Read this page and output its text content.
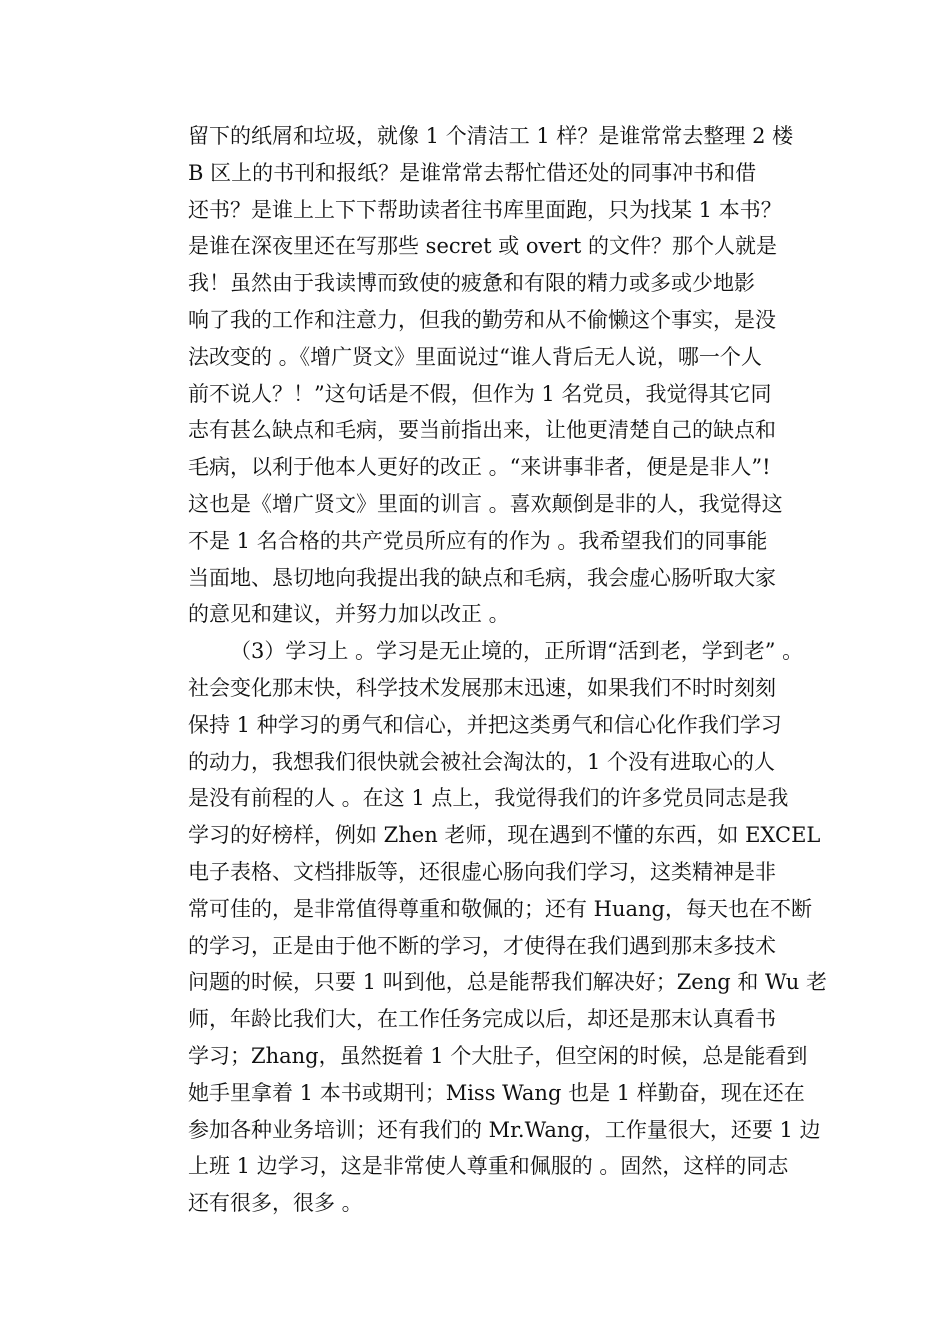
留下的纸屑和垃圾，就像 1 个清洁工 1 样？是谁常常去整理 2 楼
B 区上的书刊和报纸？是谁常常去帮忙借还处的同事冲书和借
还书？是谁上上下下帮助读者往书库里面跑，只为找某 1 本书？
是谁在深夜里还在写那些 secret 或 overt 的文件？那个人就是
我！虽然由于我读博而致使的疲惫和有限的精力或多或少地影
响了我的工作和注意力，但我的勤劳和从不偷懒这个事实，是没
法改变的 。《增广贤文》里面说过“谁人背后无人说，哪一个人
前不说人？！”这句话是不假，但作为 1 名党员，我觉得其它同
志有甚么缺点和毛病，要当前指出来，让他更清楚自己的缺点和
毛病，以利于他本人更好的改正 。“来讲事非者，便是是非人”!
这也是《增广贤文》里面的训言 。喜欢颠倒是非的人，我觉得这
不是 1 名合格的共产党员所应有的作为 。我希望我们的同事能
当面地、恳切地向我提出我的缺点和毛病，我会虚心肠听取大家
的意见和建议，并努力加以改正 。
（3）学习上 。学习是无止境的，正所谓“活到老，学到老” 。
社会变化那末快，科学技术发展那末迅速，如果我们不时时刻刻
保持 1 种学习的勇气和信心，并把这类勇气和信心化作我们学习
的动力，我想我们很快就会被社会淘汰的，1 个没有进取心的人
是没有前程的人 。在这 1 点上，我觉得我们的许多党员同志是我
学习的好榜样，例如 Zhen 老师，现在遇到不懂的东西，如 EXCEL
电子表格、文档排版等，还很虚心肠向我们学习，这类精神是非
常可佳的，是非常值得尊重和敬佩的；还有 Huang，每天也在不断
的学习，正是由于他不断的学习，才使得在我们遇到那末多技术
问题的时候，只要 1 叫到他，总是能帮我们解决好；Zeng 和 Wu 老
师，年龄比我们大，在工作任务完成以后，却还是那末认真看书
学习；Zhang，虽然挺着 1 个大肚子，但空闲的时候，总是能看到
她手里拿着 1 本书或期刊；Miss Wang 也是 1 样勤奋，现在还在
参加各种业务培训；还有我们的 Mr.Wang，工作量很大，还要 1 边
上班 1 边学习，这是非常使人尊重和佩服的 。固然，这样的同志
还有很多，很多 。
